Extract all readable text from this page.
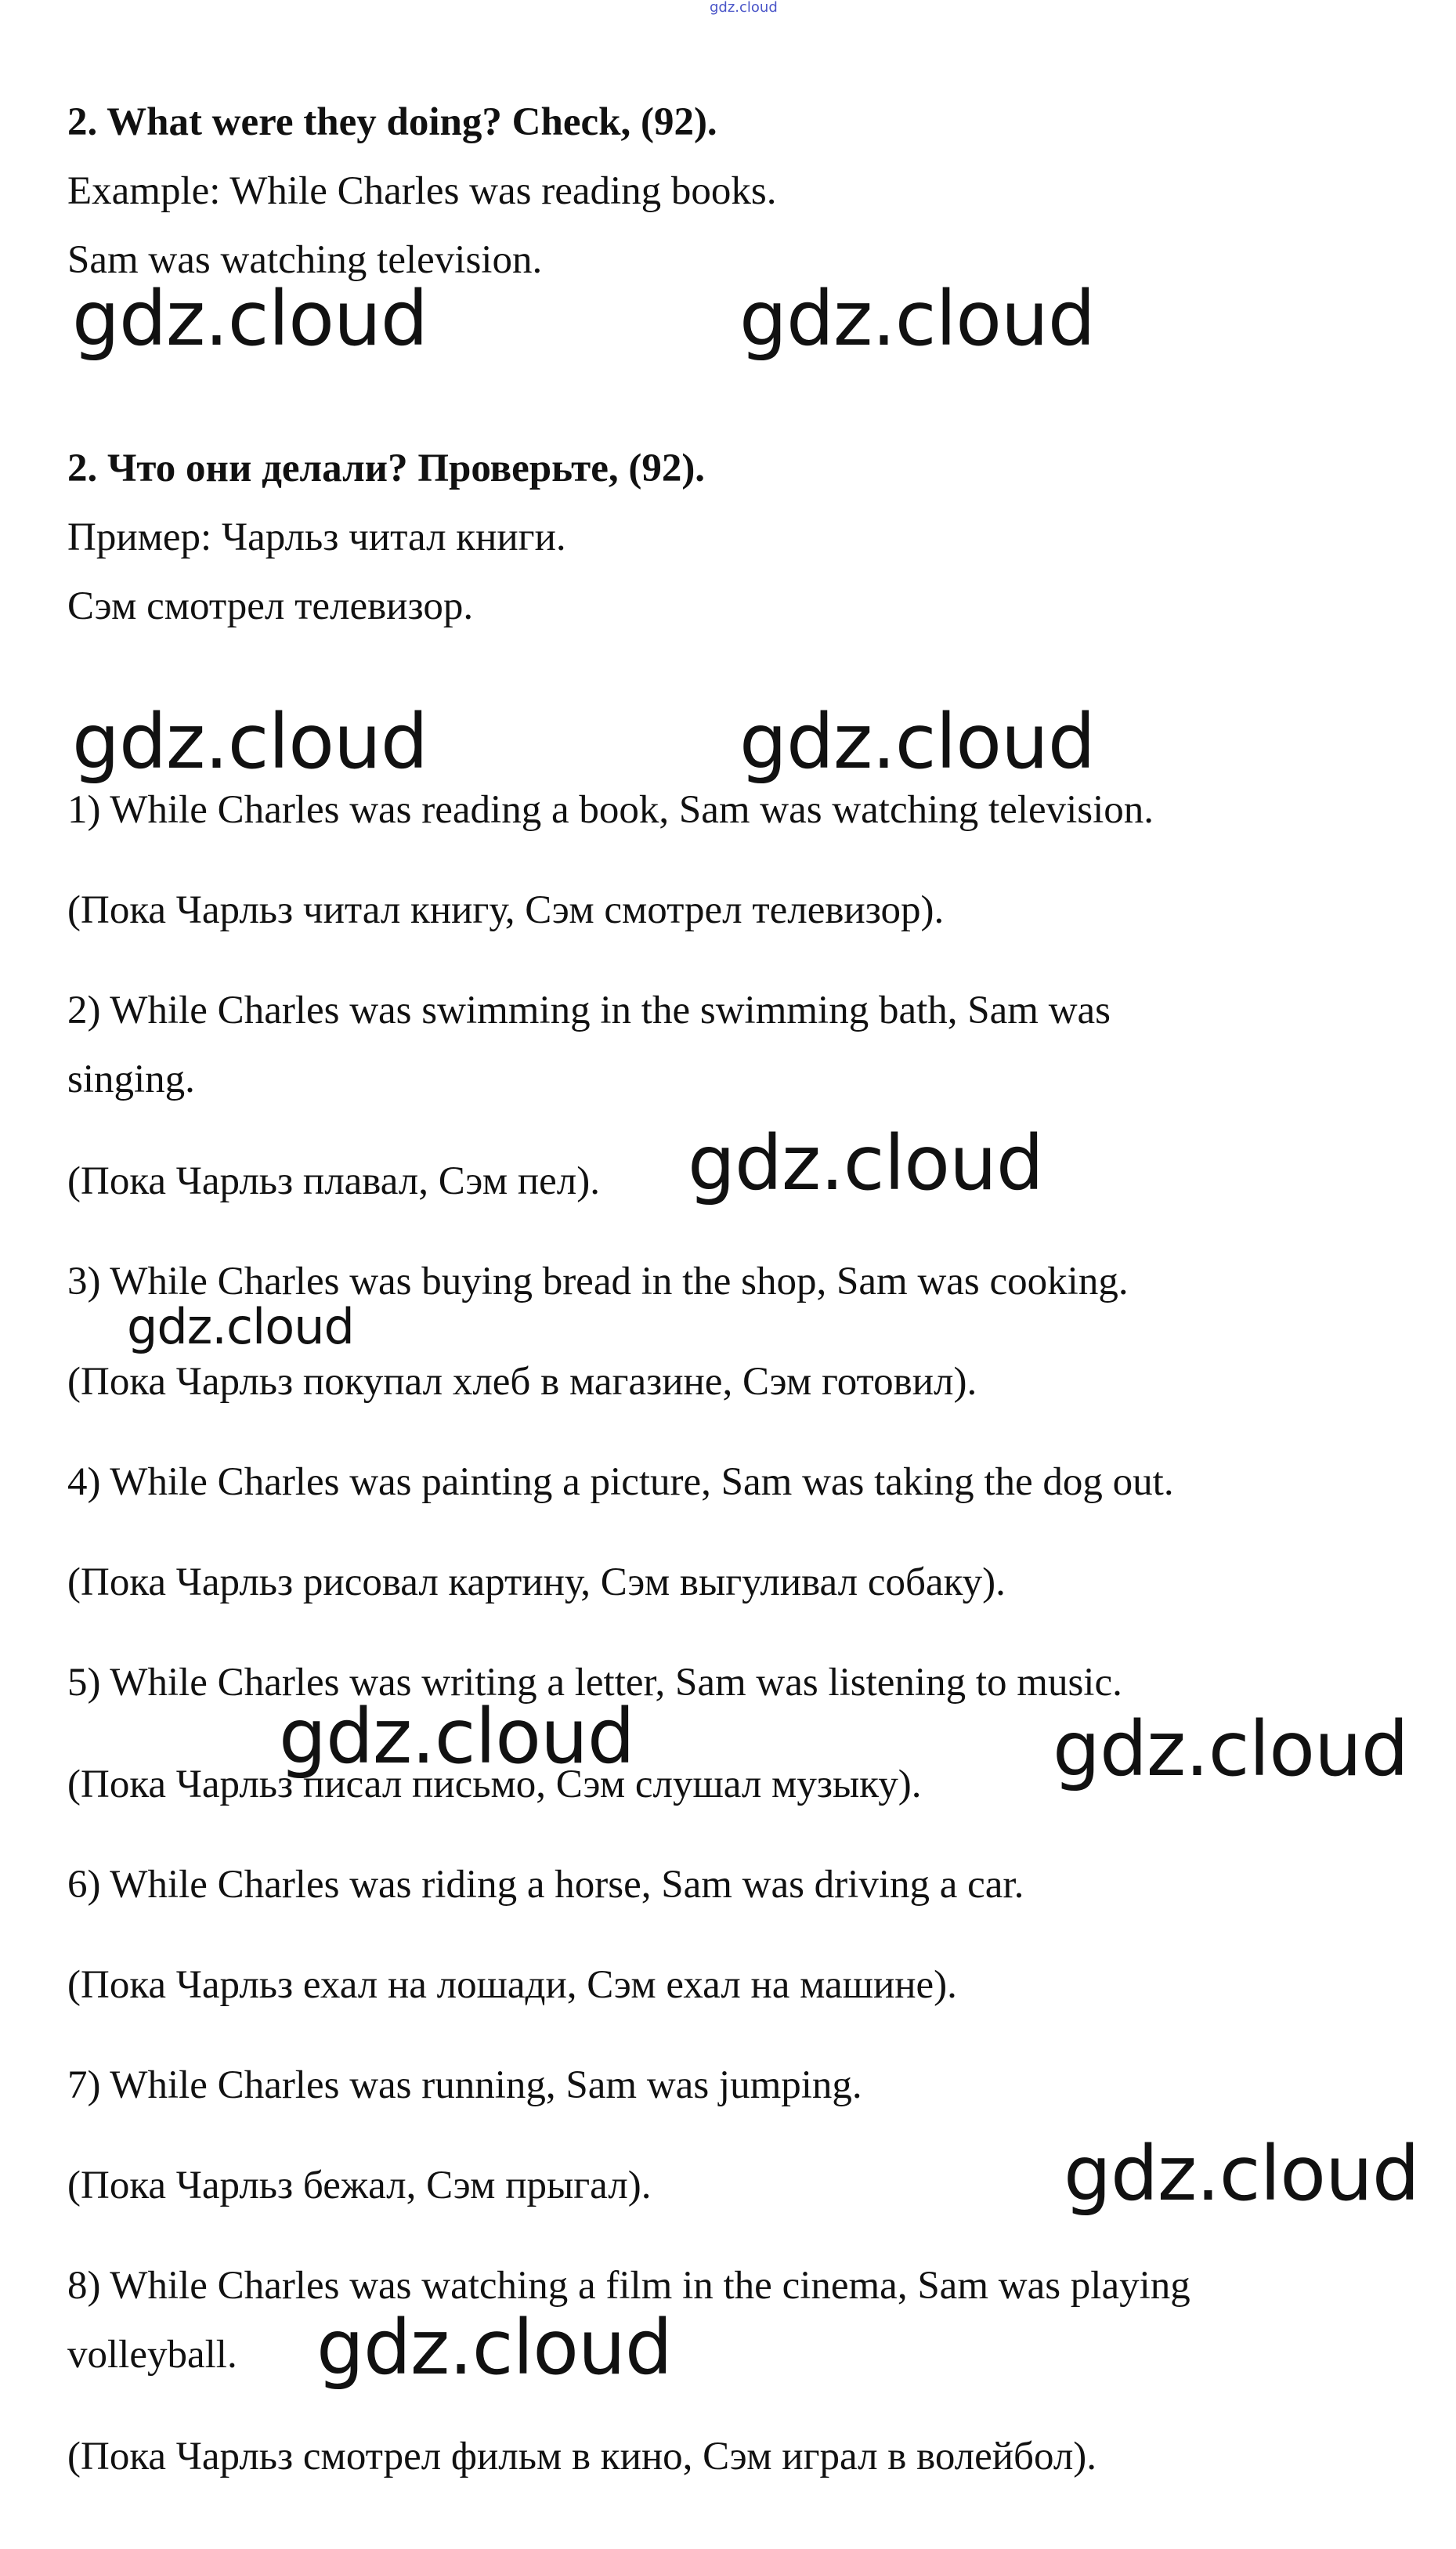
gdz.cloud
2. What were they doing? Check, (92).
Example: While Charles was reading books.
Sam was watching television.
2. Что они делали? Проверьте, (92).
Пример: Чарльз читал книги.
Сэм смотрел телевизор.
1) While Charles was reading a book, Sam was watching television.
(Пока Чарльз читал книгу, Сэм смотрел телевизор).
2) While Charles was swimming in the swimming bath, Sam was
singing.
(Пока Чарльз плавал, Сэм пел).
3) While Charles was buying bread in the shop, Sam was cooking.
(Пока Чарльз покупал хлеб в магазине, Сэм готовил).
4) While Charles was painting a picture, Sam was taking the dog out.
(Пока Чарльз рисовал картину, Сэм выгуливал собаку).
5) While Charles was writing a letter, Sam was listening to music.
(Пока Чарльз писал письмо, Сэм слушал музыку).
6) While Charles was riding a horse, Sam was driving a car.
(Пока Чарльз ехал на лошади, Сэм ехал на машине).
7) While Charles was running, Sam was jumping.
(Пока Чарльз бежал, Сэм прыгал).
8) While Charles was watching a film in the cinema, Sam was playing
volleyball.
(Пока Чарльз смотрел фильм в кино, Сэм играл в волейбол).
gdz.cloud	gdz.cloud
gdz.cloud	gdz.cloud
gdz.cloud
gdz.cloud
gdz.cloud	gdz.cloud
gdz.cloud
gdz.cloud
